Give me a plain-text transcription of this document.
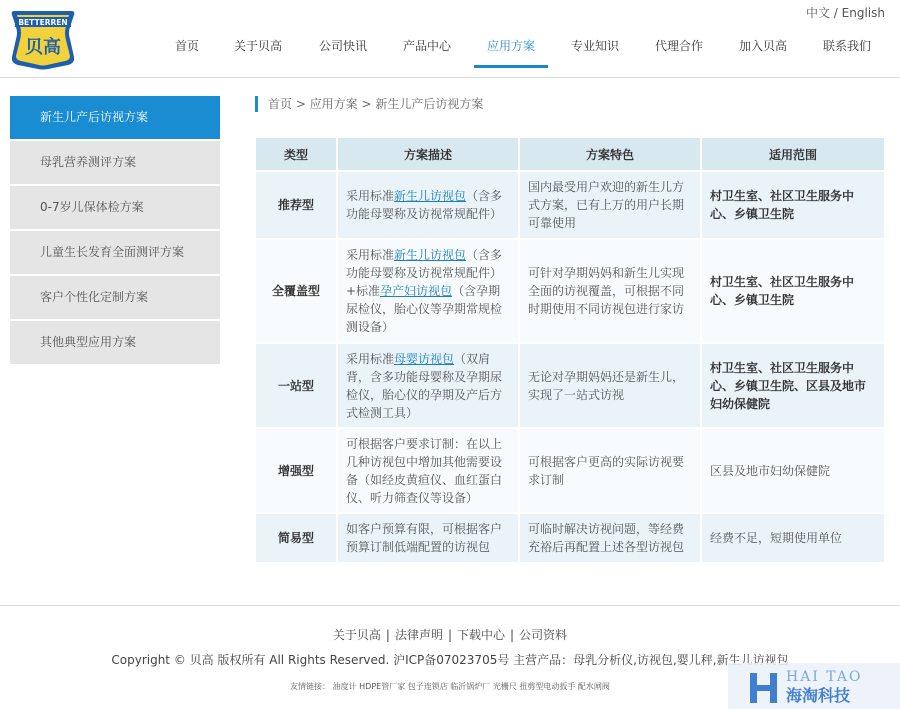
中文 / English
BETTERREN
贝高	首页	关于贝高	公司快讯	产品中心	应用方案	专业知识	代理合作	加入贝高	联系我们
新生儿产后访视方案
母乳营养测评方案
0-7岁儿保体检方案
儿童生长发育全面测评方案
客户个性化定制方案
其他典型应用方案
首页 > 应用方案 > 新生儿产后访视方案
类型	方案描述	方案特色	适用范围
推荐型	采用标准新生儿访视包（含多功能母婴称及访视常规配件）	国内最受用户欢迎的新生儿方式方案，已有上万的用户长期可靠使用	村卫生室、社区卫生服务中心、乡镇卫生院
全覆盖型	采用标准新生儿访视包（含多功能母婴称及访视常规配件）+标准孕产妇访视包（含孕期尿检仪，胎心仪等孕期常规检测设备）	可针对孕期妈妈和新生儿实现全面的访视覆盖，可根据不同时期使用不同访视包进行家访	村卫生室、社区卫生服务中心、乡镇卫生院
一站型	采用标准母婴访视包（双肩背，含多功能母婴称及孕期尿检仪，胎心仪的孕期及产后方式检测工具）	无论对孕期妈妈还是新生儿，实现了一站式访视	村卫生室、社区卫生服务中心、乡镇卫生院、区县及地市妇幼保健院
增强型	可根据客户要求订制：在以上几种访视包中增加其他需要设备（如经皮黄疸仪、血红蛋白仪、听力筛查仪等设备）	可根据客户更高的实际访视要求订制	区县及地市妇幼保健院
简易型	如客户预算有限，可根据客户预算订制低端配置的访视包	可临时解决访视问题，等经费充裕后再配置上述各型访视包	经费不足，短期使用单位
关于贝高 | 法律声明 | 下载中心 | 公司资料
Copyright © 贝高 版权所有 All Rights Reserved. 沪ICP备07023705号 主营产品：母乳分析仪,访视包,婴儿秤,新生儿访视包
友情链接： 油度计 HDPE管厂家 包子连锁店 临沂锅炉厂 光栅尺 扭剪型电动扳手 配水闸阀
HAI TAO
海淘科技
